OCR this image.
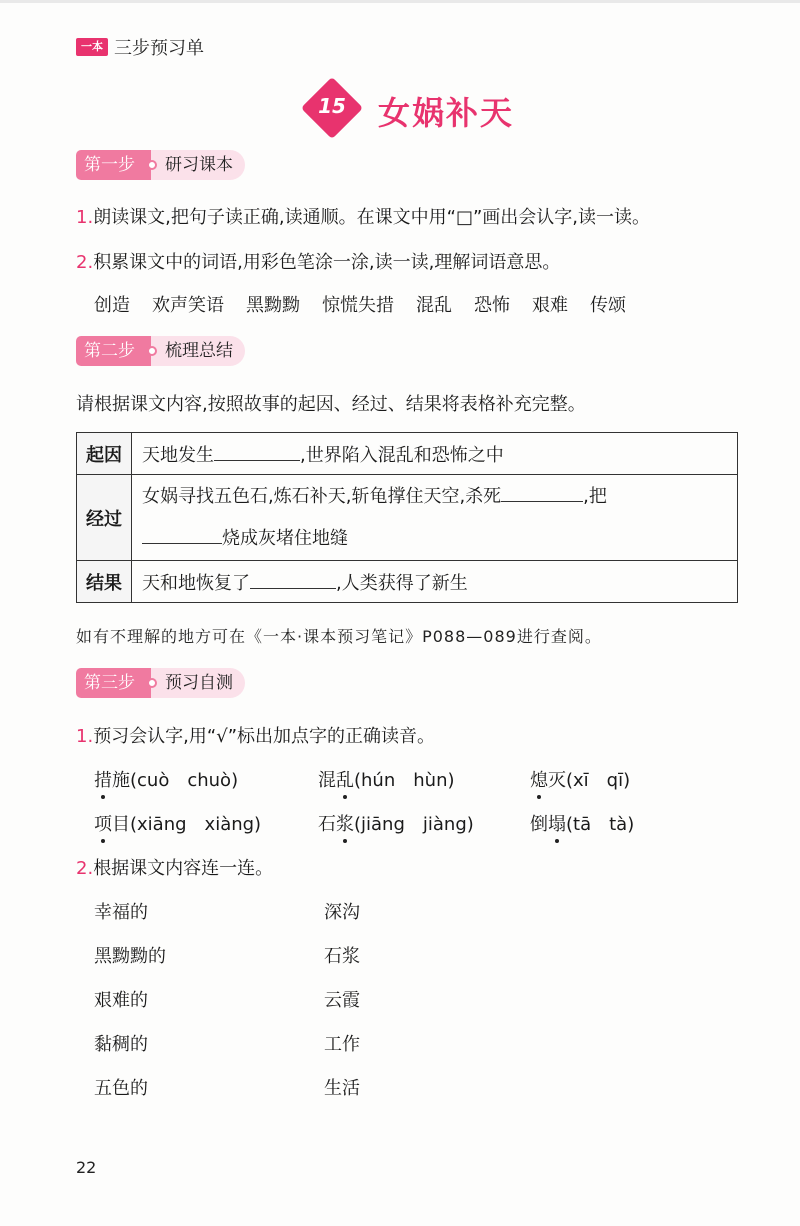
一本 三步预习单
15 女娲补天
第一步	研习课本
1.朗读课文,把句子读正确,读通顺。在课文中用“□”画出会认字,读一读。
2.积累课文中的词语,用彩色笔涂一涂,读一读,理解词语意思。
创造 欢声笑语 黑黝黝 惊慌失措 混乱 恐怖 艰难 传颂
第二步	梳理总结
请根据课文内容,按照故事的起因、经过、结果将表格补充完整。
起因	天地发生 ,世界陷入混乱和恐怖之中
经过	女娲寻找五色石,炼石补天,斩龟撑住天空,杀死 ,把
烧成灰堵住地缝
结果	天和地恢复了 ,人类获得了新生
如有不理解的地方可在《一本·课本预习笔记》P088—089进行查阅。
第三步	预习自测
1.预习会认字,用“√”标出加点字的正确读音。
措施(cuò　chuò)	混乱(hún　hùn)	熄灭(xī　qī)
项目(xiāng　xiàng)	石浆(jiāng　jiàng)	倒塌(tā　tà)
2.根据课文内容连一连。
幸福的
黑黝黝的
艰难的
黏稠的
五色的
深沟
石浆
云霞
工作
生活
22
